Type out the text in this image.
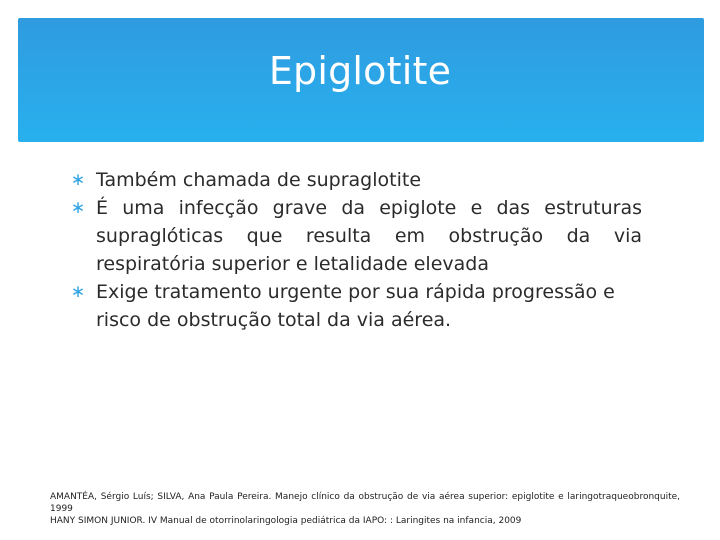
Epiglotite
∗ Também chamada de supraglotite
∗ É uma infecção grave da epiglote e das estruturas supraglóticas que resulta em obstrução da via respiratória superior e letalidade elevada
∗ Exige tratamento urgente por sua rápida progressão e risco de obstrução total da via aérea.
AMANTÉA, Sérgio Luís; SILVA, Ana Paula Pereira. Manejo clínico da obstrução de via aérea superior: epiglotite e laringotraqueobronquite, 1999
HANY SIMON JUNIOR. IV Manual de otorrinolaringologia pediátrica da IAPO: : Laringites na infancia, 2009
